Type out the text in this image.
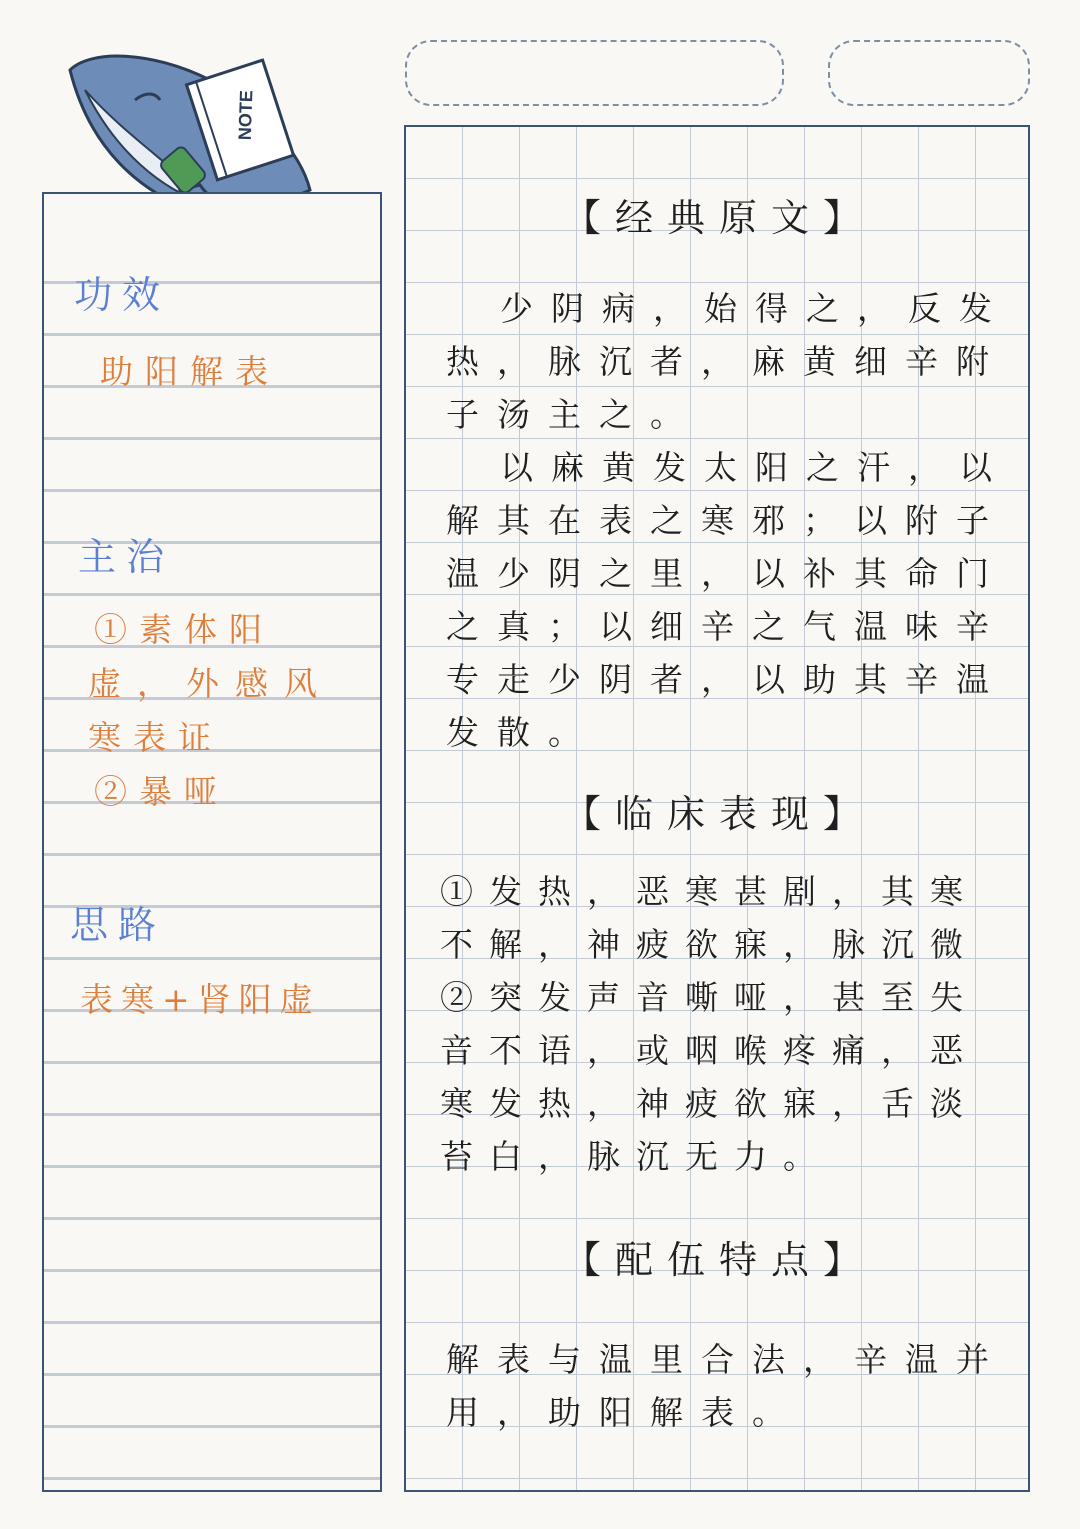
NOTE
功效
助阳解表
主治
①素体阳
虚，外感风
寒表证
②暴哑
思路
表寒+肾阳虚
【经典原文】

少阴病，始得之，反发
热，脉沉者，麻黄细辛附
子汤主之。

以麻黄发太阳之汗，以
解其在表之寒邪；以附子
温少阴之里，以补其命门
之真；以细辛之气温味辛
专走少阴者，以助其辛温
发散。

【临床表现】

①发热，恶寒甚剧，其寒
不解，神疲欲寐，脉沉微
②突发声音嘶哑，甚至失
音不语，或咽喉疼痛，恶
寒发热，神疲欲寐，舌淡
苔白，脉沉无力。

【配伍特点】

解表与温里合法，辛温并
用，助阳解表。
